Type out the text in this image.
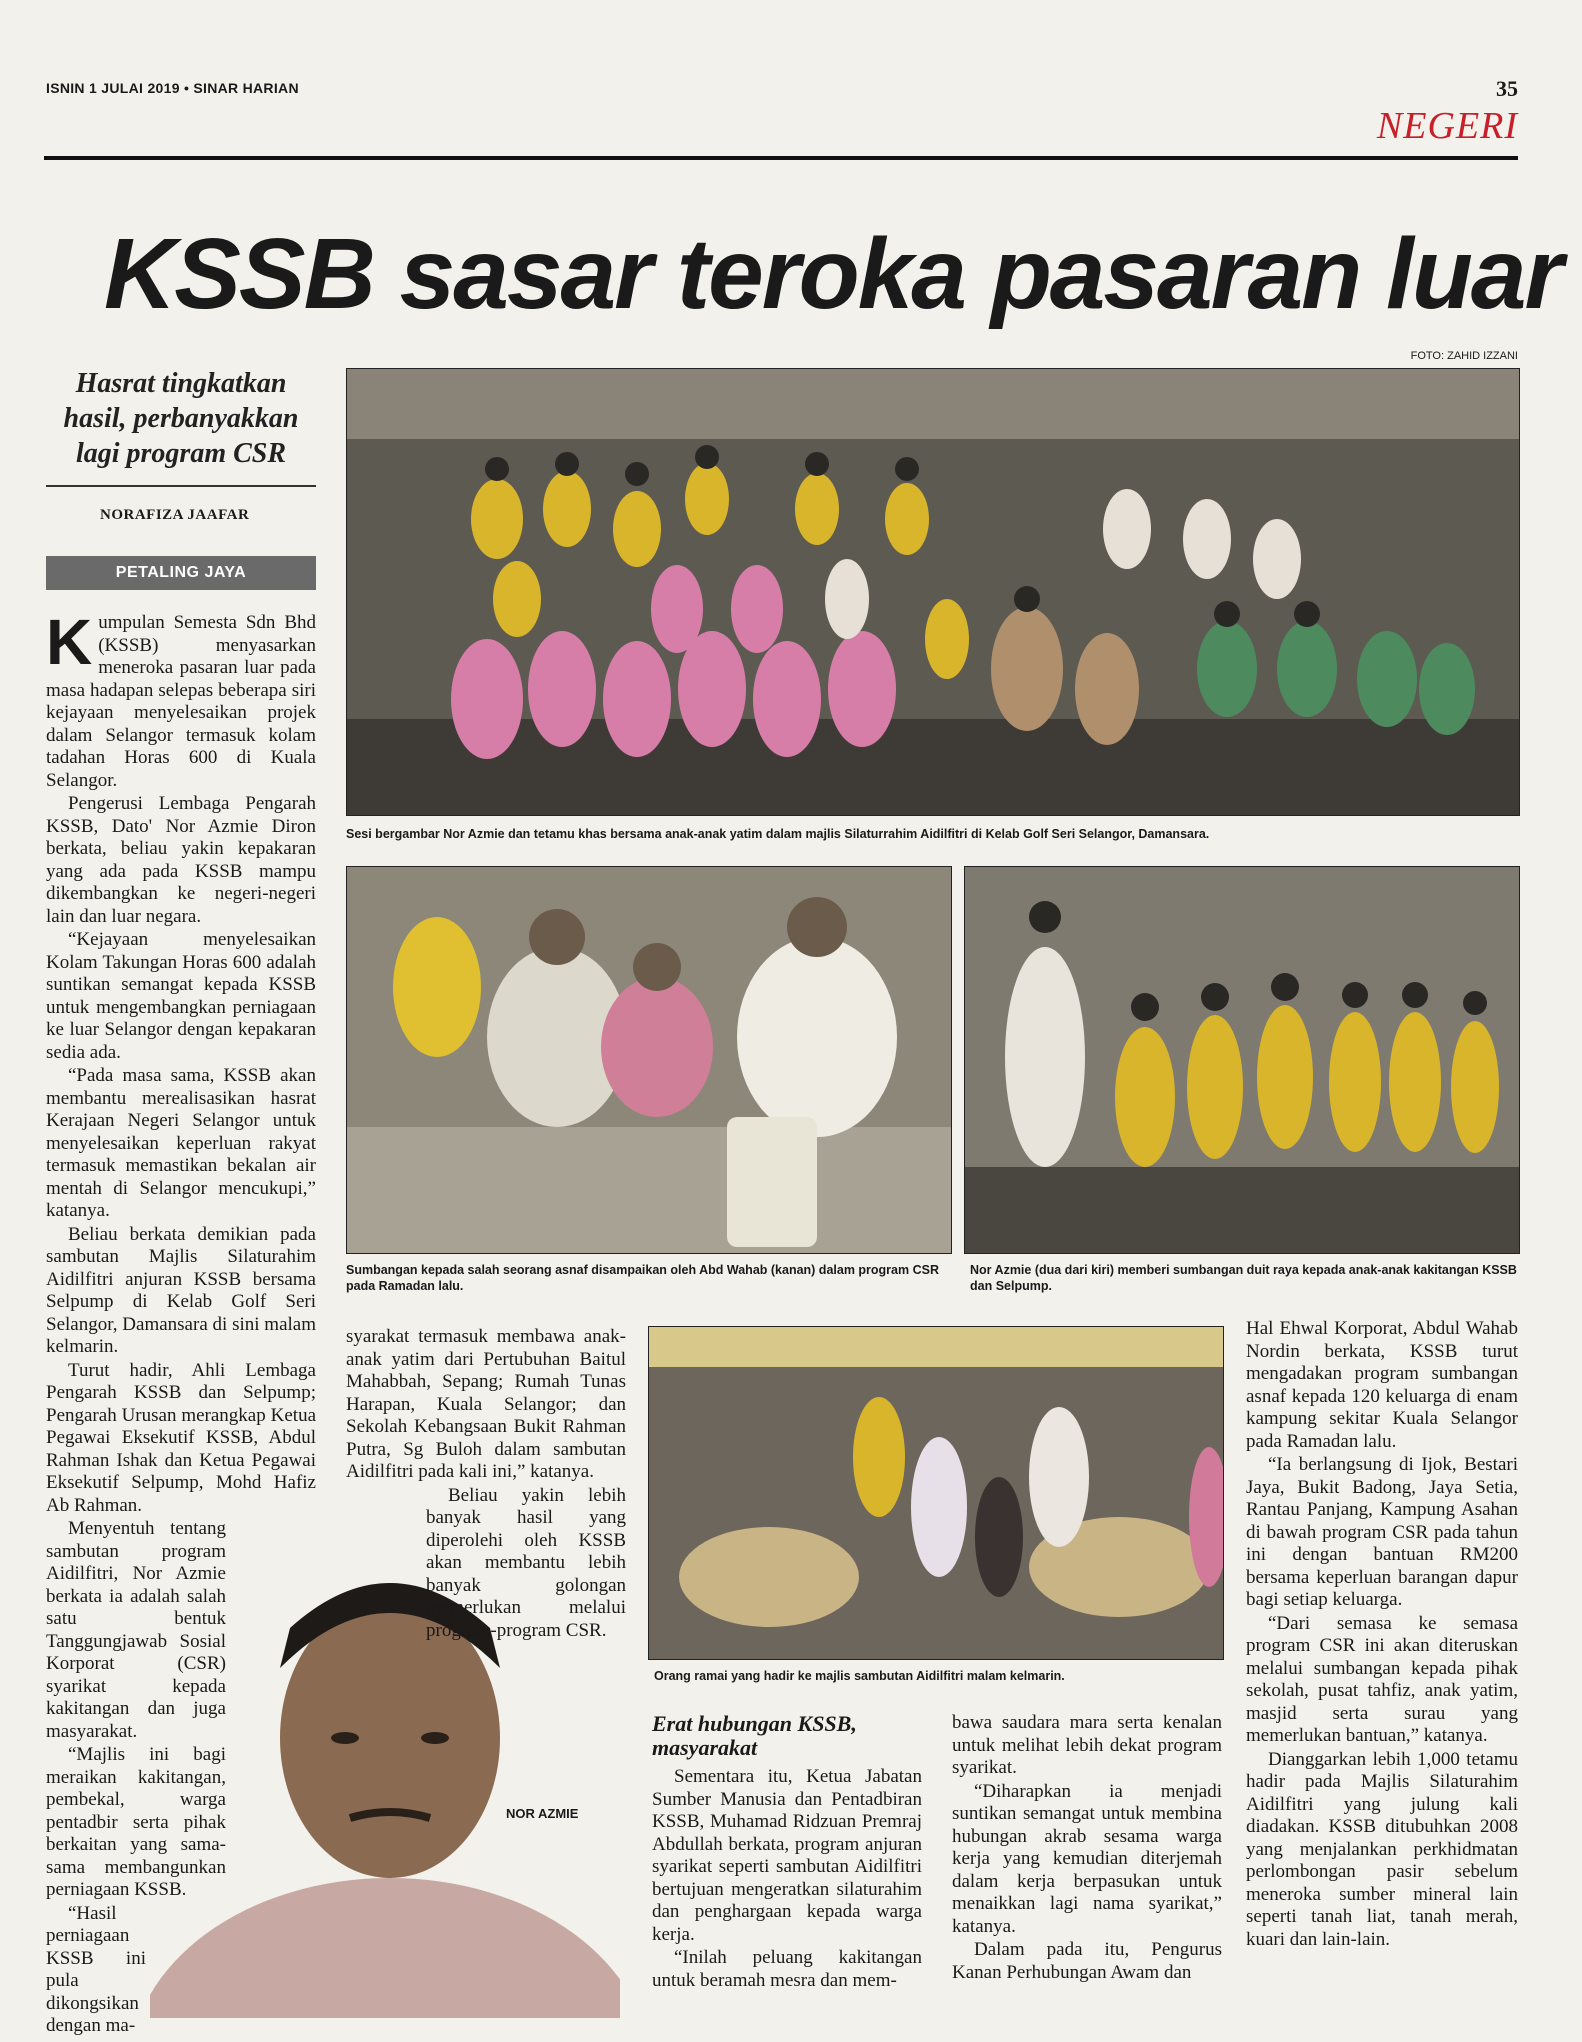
ISNIN 1 JULAI 2019 • SINAR HARIAN	35
NEGERI
KSSB sasar teroka pasaran luar
FOTO: ZAHID IZZANI
Hasrat tingkatkan hasil, perbanyakkan lagi program CSR
NORAFIZA JAAFAR
PETALING JAYA
Sesi bergambar Nor Azmie dan tetamu khas bersama anak-anak yatim dalam majlis Silaturrahim Aidilfitri di Kelab Golf Seri Selangor, Damansara.
Sumbangan kepada salah seorang asnaf disampaikan oleh Abd Wahab (kanan) dalam program CSR pada Ramadan lalu.
Nor Azmie (dua dari kiri) memberi sumbangan duit raya kepada anak-anak kakitangan KSSB dan Selpump.
Orang ramai yang hadir ke majlis sambutan Aidilfitri malam kelmarin.
NOR AZMIE

Kumpulan Semesta Sdn Bhd (KSSB) menyasarkan meneroka pasaran luar pada masa hadapan selepas beberapa siri kejayaan menyelesaikan projek dalam Selangor termasuk kolam tadahan Horas 600 di Kuala Selangor.

Pengerusi Lembaga Pengarah KSSB, Dato' Nor Azmie Diron berkata, beliau yakin kepakaran yang ada pada KSSB mampu dikembangkan ke negeri-negeri lain dan luar negara.

“Kejayaan menyelesaikan Kolam Takungan Horas 600 adalah suntikan semangat kepada KSSB untuk mengembangkan perniagaan ke luar Selangor dengan kepakaran sedia ada.

“Pada masa sama, KSSB akan membantu merealisasikan hasrat Kerajaan Negeri Selangor untuk menyelesaikan keperluan rakyat termasuk memastikan bekalan air mentah di Selangor mencukupi,” katanya.

Beliau berkata demikian pada sambutan Majlis Silaturahim Aidilfitri anjuran KSSB bersama Selpump di Kelab Golf Seri Selangor, Damansara di sini malam kelmarin.

Turut hadir, Ahli Lembaga Pengarah KSSB dan Selpump; Pengarah Urusan merangkap Ketua Pegawai Eksekutif KSSB, Abdul Rahman Ishak dan Ketua Pegawai Eksekutif Selpump, Mohd Hafiz Ab Rahman.

Menyentuh tentang sambutan program Aidilfitri, Nor Azmie berkata ia adalah salah satu bentuk Tanggungjawab Sosial Korporat (CSR) syarikat kepada kakitangan dan juga masyarakat.

“Majlis ini bagi meraikan kakitangan, pembekal, warga pentadbir serta pihak berkaitan yang sama-sama membangunkan perniagaan KSSB.

“Hasil perniagaan KSSB ini pula dikongsikan dengan ma-

syarakat termasuk membawa anak-anak yatim dari Pertubuhan Baitul Mahabbah, Sepang; Rumah Tunas Harapan, Kuala Selangor; dan Sekolah Kebangsaan Bukit Rahman Putra, Sg Buloh dalam sambutan Aidilfitri pada kali ini,” katanya.

Beliau yakin lebih banyak hasil yang diperolehi oleh KSSB akan membantu lebih banyak golongan memerlukan melalui program-program CSR.

Erat hubungan KSSB, masyarakat

Sementara itu, Ketua Jabatan Sumber Manusia dan Pentadbiran KSSB, Muhamad Ridzuan Premraj Abdullah berkata, program anjuran syarikat seperti sambutan Aidilfitri bertujuan mengeratkan silaturahim dan penghargaan kepada warga kerja.

“Inilah peluang kakitangan untuk beramah mesra dan mem-

bawa saudara mara serta kenalan untuk melihat lebih dekat program syarikat.

“Diharapkan ia menjadi suntikan semangat untuk membina hubungan akrab sesama warga kerja yang kemudian diterjemah dalam kerja berpasukan untuk menaikkan lagi nama syarikat,” katanya.

Dalam pada itu, Pengurus Kanan Perhubungan Awam dan

Hal Ehwal Korporat, Abdul Wahab Nordin berkata, KSSB turut mengadakan program sumbangan asnaf kepada 120 keluarga di enam kampung sekitar Kuala Selangor pada Ramadan lalu.

“Ia berlangsung di Ijok, Bestari Jaya, Bukit Badong, Jaya Setia, Rantau Panjang, Kampung Asahan di bawah program CSR pada tahun ini dengan bantuan RM200 bersama keperluan barangan dapur bagi setiap keluarga.

“Dari semasa ke semasa program CSR ini akan diteruskan melalui sumbangan kepada pihak sekolah, pusat tahfiz, anak yatim, masjid serta surau yang memerlukan bantuan,” katanya.

Dianggarkan lebih 1,000 tetamu hadir pada Majlis Silaturahim Aidilfitri yang julung kali diadakan. KSSB ditubuhkan 2008 yang menjalankan perkhidmatan perlombongan pasir sebelum meneroka sumber mineral lain seperti tanah liat, tanah merah, kuari dan lain-lain.
